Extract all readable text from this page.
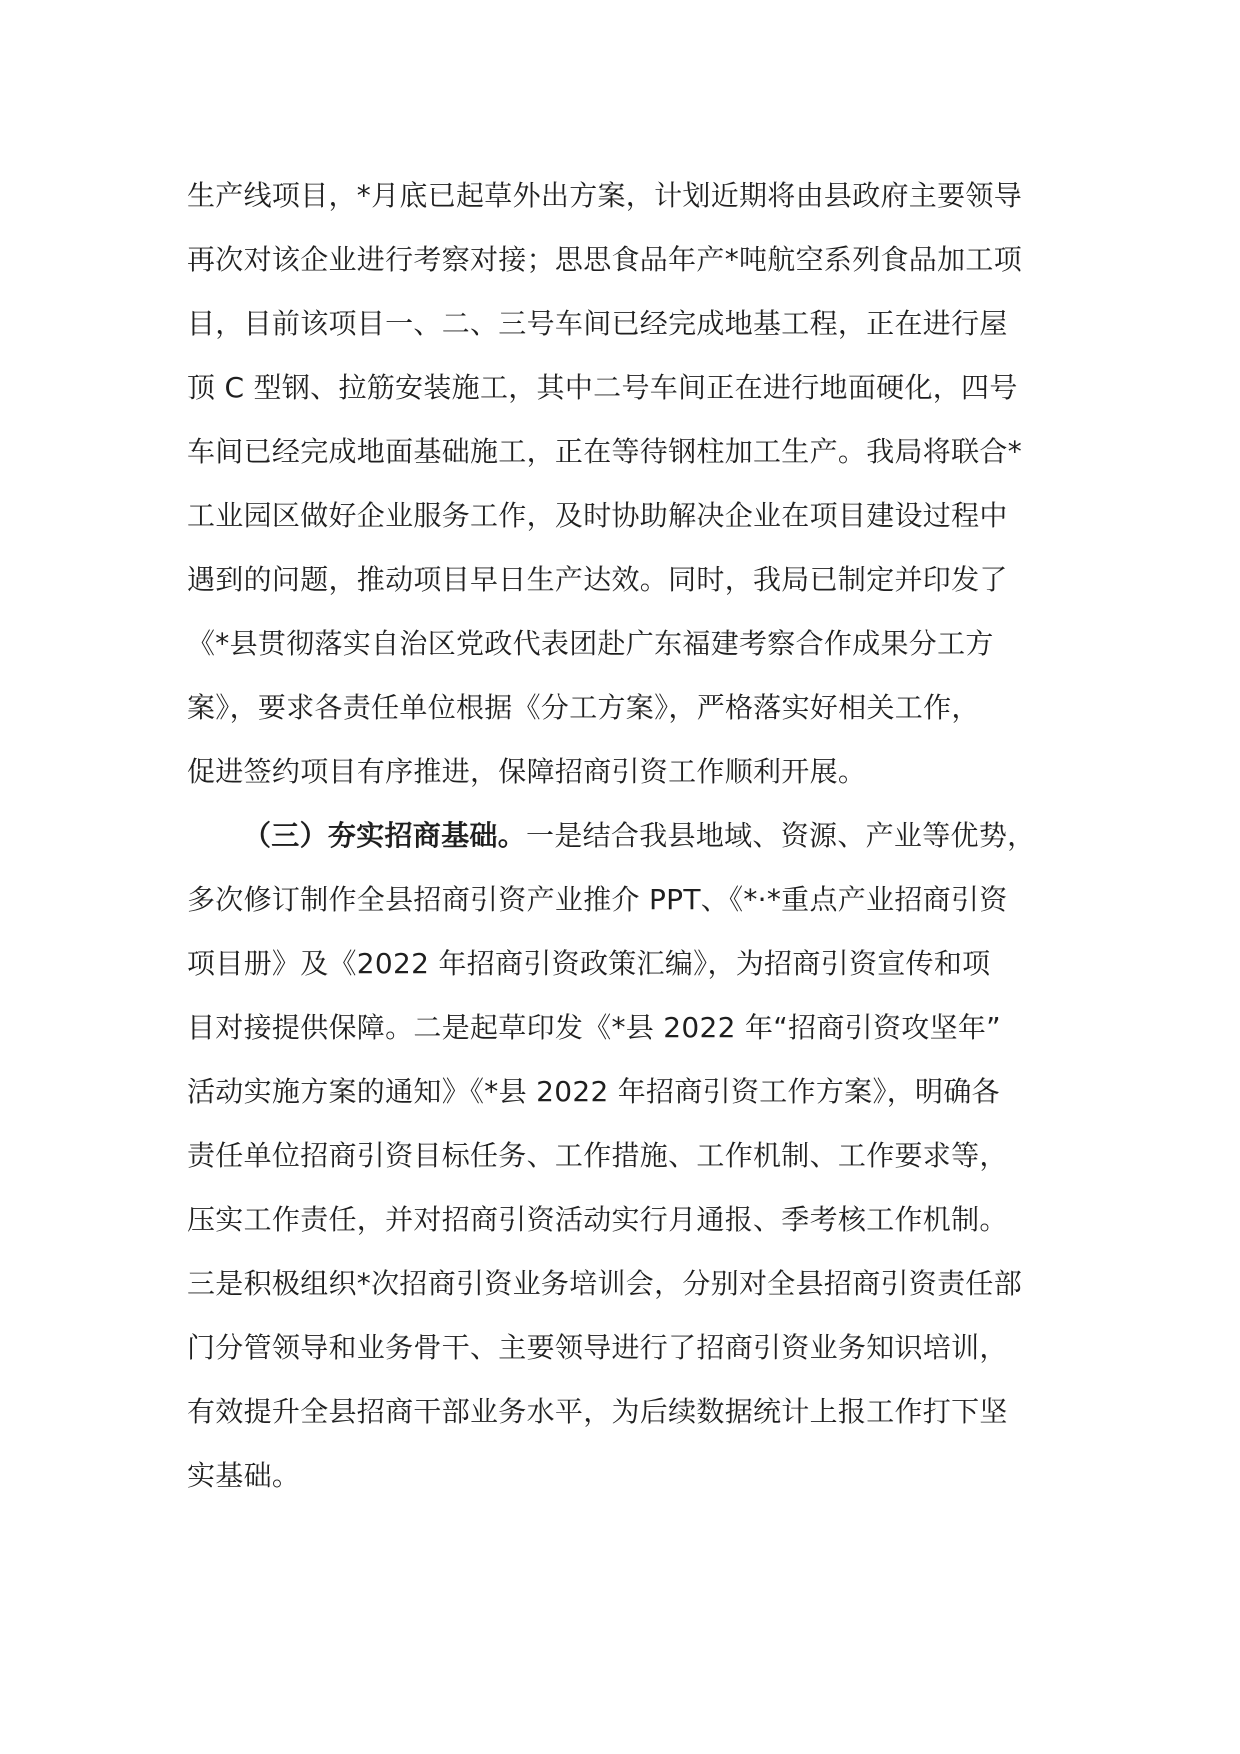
生产线项目，*月底已起草外出方案，计划近期将由县政府主要领导
再次对该企业进行考察对接；思思食品年产*吨航空系列食品加工项
目，目前该项目一、二、三号车间已经完成地基工程，正在进行屋
顶 C 型钢、拉筋安装施工，其中二号车间正在进行地面硬化，四号
车间已经完成地面基础施工，正在等待钢柱加工生产。我局将联合*
工业园区做好企业服务工作，及时协助解决企业在项目建设过程中
遇到的问题，推动项目早日生产达效。同时，我局已制定并印发了
《*县贯彻落实自治区党政代表团赴广东福建考察合作成果分工方
案》，要求各责任单位根据《分工方案》，严格落实好相关工作，
促进签约项目有序推进，保障招商引资工作顺利开展。
（三）夯实招商基础。一是结合我县地域、资源、产业等优势，
多次修订制作全县招商引资产业推介 PPT、《*·*重点产业招商引资
项目册》及《2022 年招商引资政策汇编》，为招商引资宣传和项
目对接提供保障。二是起草印发《*县 2022 年“招商引资攻坚年”
活动实施方案的通知》《*县 2022 年招商引资工作方案》，明确各
责任单位招商引资目标任务、工作措施、工作机制、工作要求等，
压实工作责任，并对招商引资活动实行月通报、季考核工作机制。
三是积极组织*次招商引资业务培训会，分别对全县招商引资责任部
门分管领导和业务骨干、主要领导进行了招商引资业务知识培训，
有效提升全县招商干部业务水平，为后续数据统计上报工作打下坚
实基础。
